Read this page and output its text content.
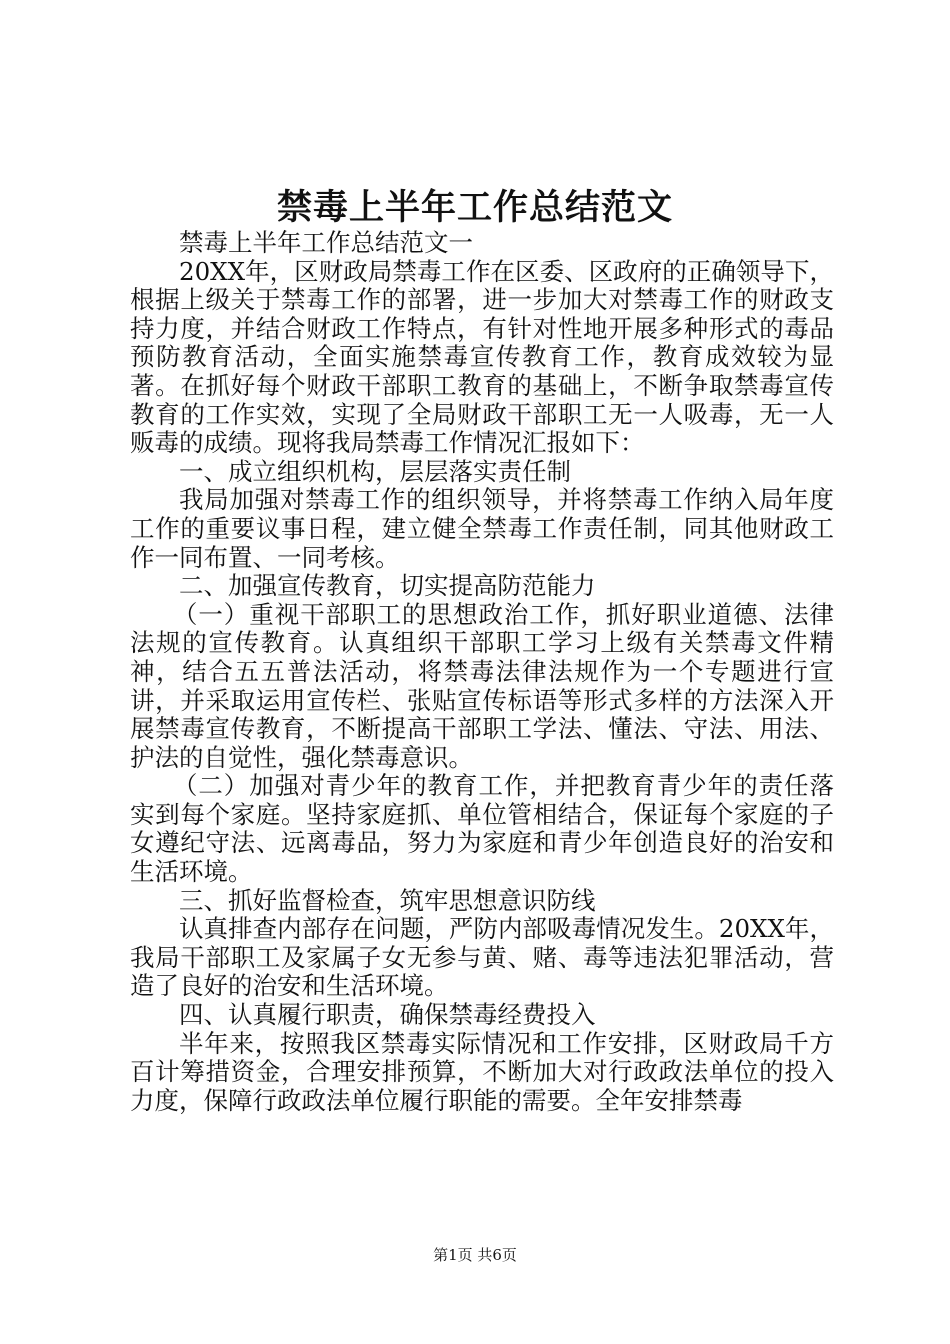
禁毒上半年工作总结范文

禁毒上半年工作总结范文一

20XX年，区财政局禁毒工作在区委、区政府的正确领导下，根据上级关于禁毒工作的部署，进一步加大对禁毒工作的财政支持力度，并结合财政工作特点，有针对性地开展多种形式的毒品预防教育活动，全面实施禁毒宣传教育工作，教育成效较为显著。在抓好每个财政干部职工教育的基础上，不断争取禁毒宣传教育的工作实效，实现了全局财政干部职工无一人吸毒，无一人贩毒的成绩。现将我局禁毒工作情况汇报如下：

一、成立组织机构，层层落实责任制

我局加强对禁毒工作的组织领导，并将禁毒工作纳入局年度工作的重要议事日程，建立健全禁毒工作责任制，同其他财政工作一同布置、一同考核。

二、加强宣传教育，切实提高防范能力

（一）重视干部职工的思想政治工作，抓好职业道德、法律法规的宣传教育。认真组织干部职工学习上级有关禁毒文件精神，结合五五普法活动，将禁毒法律法规作为一个专题进行宣讲，并采取运用宣传栏、张贴宣传标语等形式多样的方法深入开展禁毒宣传教育，不断提高干部职工学法、懂法、守法、用法、护法的自觉性，强化禁毒意识。

（二）加强对青少年的教育工作，并把教育青少年的责任落实到每个家庭。坚持家庭抓、单位管相结合，保证每个家庭的子女遵纪守法、远离毒品，努力为家庭和青少年创造良好的治安和生活环境。

三、抓好监督检查，筑牢思想意识防线

认真排查内部存在问题，严防内部吸毒情况发生。20XX年，我局干部职工及家属子女无参与黄、赌、毒等违法犯罪活动，营造了良好的治安和生活环境。

四、认真履行职责，确保禁毒经费投入

半年来，按照我区禁毒实际情况和工作安排，区财政局千方百计筹措资金，合理安排预算，不断加大对行政政法单位的投入力度，保障行政政法单位履行职能的需要。全年安排禁毒

第1页 共6页
